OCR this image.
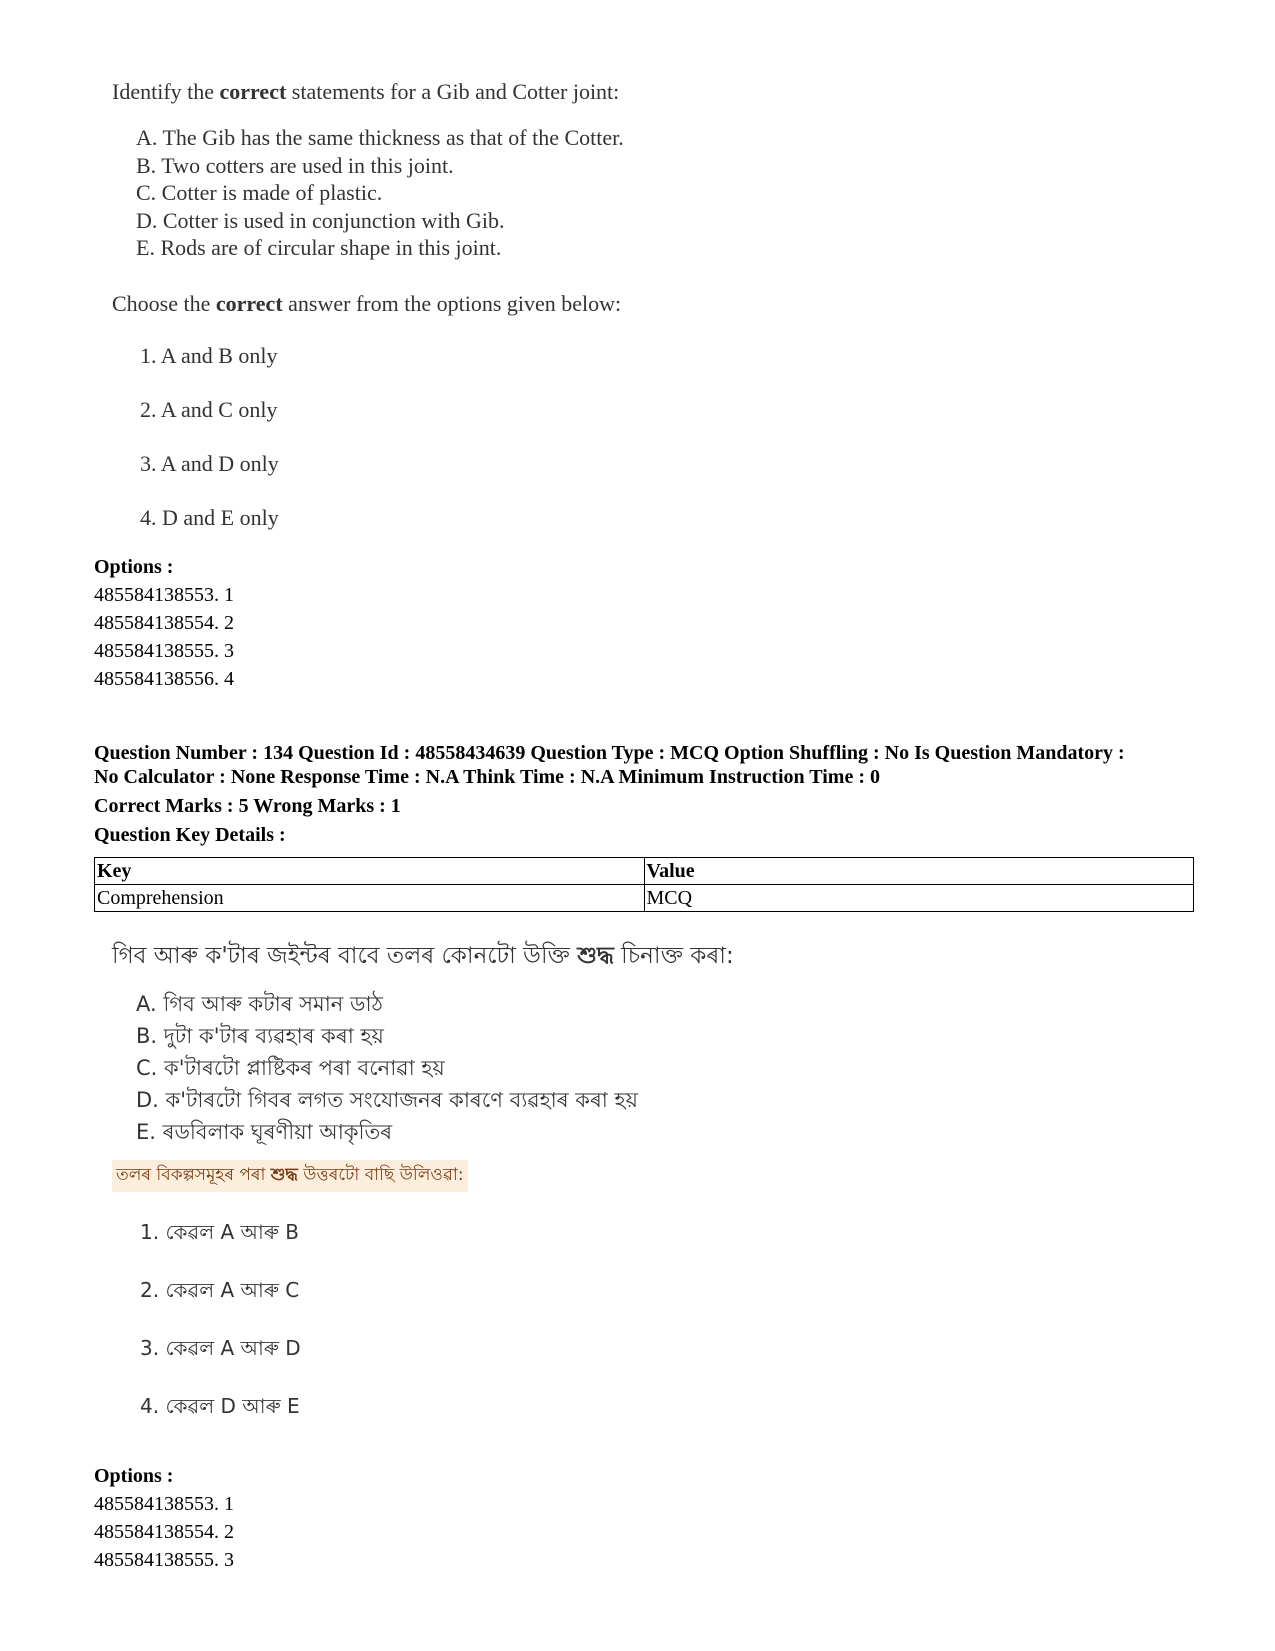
Identify the correct statements for a Gib and Cotter joint:
A. The Gib has the same thickness as that of the Cotter.
B. Two cotters are used in this joint.
C. Cotter is made of plastic.
D. Cotter is used in conjunction with Gib.
E. Rods are of circular shape in this joint.
Choose the correct answer from the options given below:
1. A and B only
2. A and C only
3. A and D only
4. D and E only
Options :
485584138553. 1
485584138554. 2
485584138555. 3
485584138556. 4
Question Number : 134 Question Id : 48558434639 Question Type : MCQ Option Shuffling : No Is Question Mandatory :
No Calculator : None Response Time : N.A Think Time : N.A Minimum Instruction Time : 0
Correct Marks : 5 Wrong Marks : 1
Question Key Details :
Key	Value
Comprehension	MCQ
গিব আৰু ক'টাৰ জইন্টৰ বাবে তলৰ কোনটো উক্তি শুদ্ধ চিনাক্ত কৰা:
A. গিব আৰু কটাৰ সমান ডাঠ
B. দুটা ক'টাৰ ব্যৱহাৰ কৰা হয়
C. ক'টাৰটো প্লাষ্টিকৰ পৰা বনোৱা হয়
D. ক'টাৰটো গিবৰ লগত সংযোজনৰ কাৰণে ব্যৱহাৰ কৰা হয়
E. ৰডবিলাক ঘূৰণীয়া আকৃতিৰ
তলৰ বিকল্পসমূহৰ পৰা শুদ্ধ উত্তৰটো বাছি উলিওৱা:
1. কেৱল A আৰু B
2. কেৱল A আৰু C
3. কেৱল A আৰু D
4. কেৱল D আৰু E
Options :
485584138553. 1
485584138554. 2
485584138555. 3
